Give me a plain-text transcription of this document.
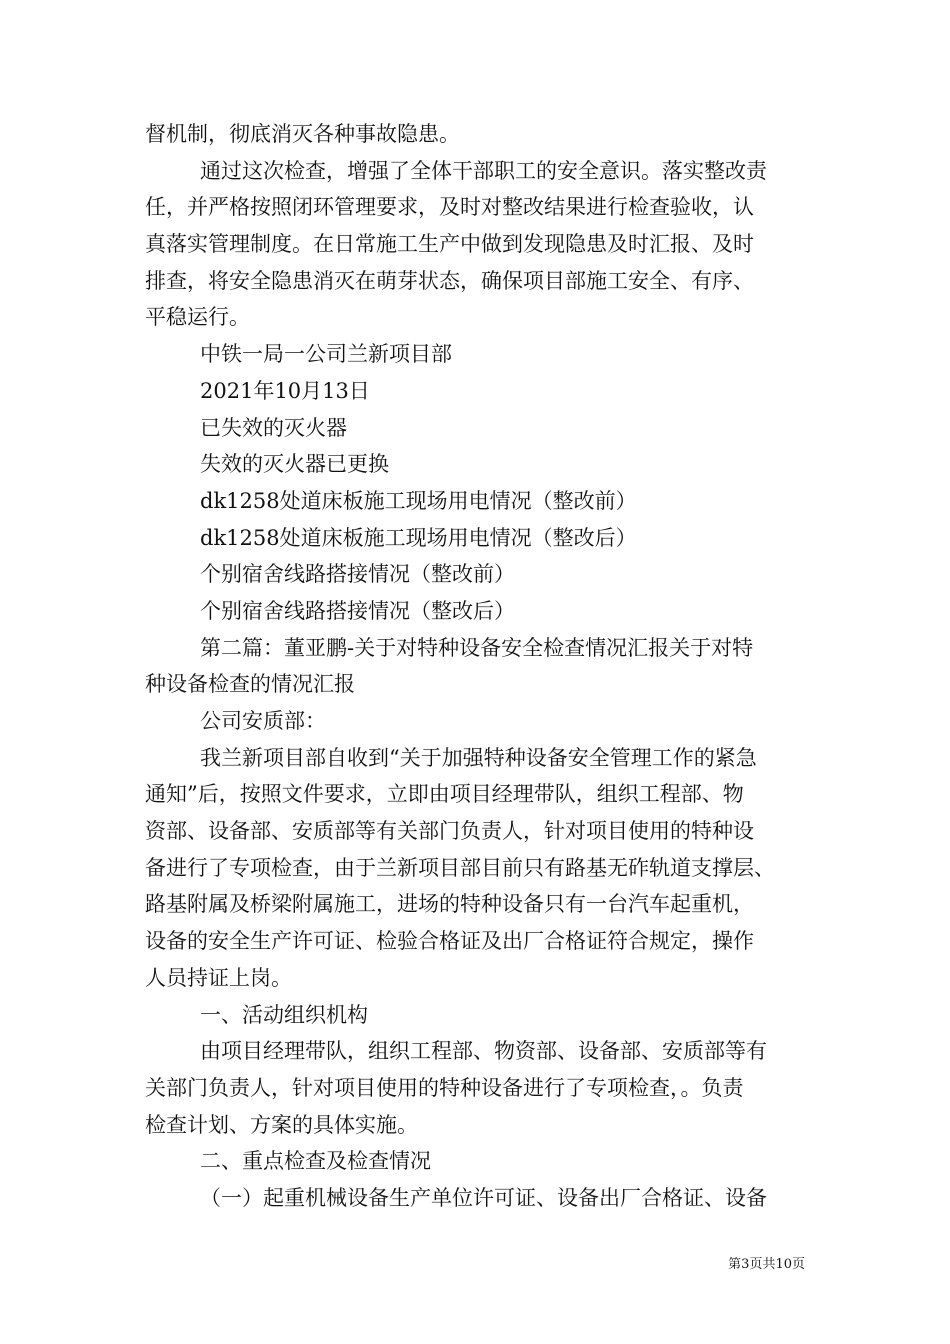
督机制，彻底消灭各种事故隐患。
通过这次检查，增强了全体干部职工的安全意识。落实整改责
任，并严格按照闭环管理要求，及时对整改结果进行检查验收，认
真落实管理制度。在日常施工生产中做到发现隐患及时汇报、及时
排查，将安全隐患消灭在萌芽状态，确保项目部施工安全、有序、
平稳运行。
中铁一局一公司兰新项目部
2021年10月13日
已失效的灭火器
失效的灭火器已更换
dk1258处道床板施工现场用电情况（整改前）
dk1258处道床板施工现场用电情况（整改后）
个别宿舍线路搭接情况（整改前）
个别宿舍线路搭接情况（整改后）
第二篇：董亚鹏-关于对特种设备安全检查情况汇报关于对特
种设备检查的情况汇报
公司安质部：
我兰新项目部自收到“关于加强特种设备安全管理工作的紧急
通知”后，按照文件要求，立即由项目经理带队，组织工程部、物
资部、设备部、安质部等有关部门负责人，针对项目使用的特种设
备进行了专项检查，由于兰新项目部目前只有路基无砟轨道支撑层、
路基附属及桥梁附属施工，进场的特种设备只有一台汽车起重机，
设备的安全生产许可证、检验合格证及出厂合格证符合规定，操作
人员持证上岗。
一、活动组织机构
由项目经理带队，组织工程部、物资部、设备部、安质部等有
关部门负责人，针对项目使用的特种设备进行了专项检查，。负责
检查计划、方案的具体实施。
二、重点检查及检查情况
（一）起重机械设备生产单位许可证、设备出厂合格证、设备
第3页共10页
